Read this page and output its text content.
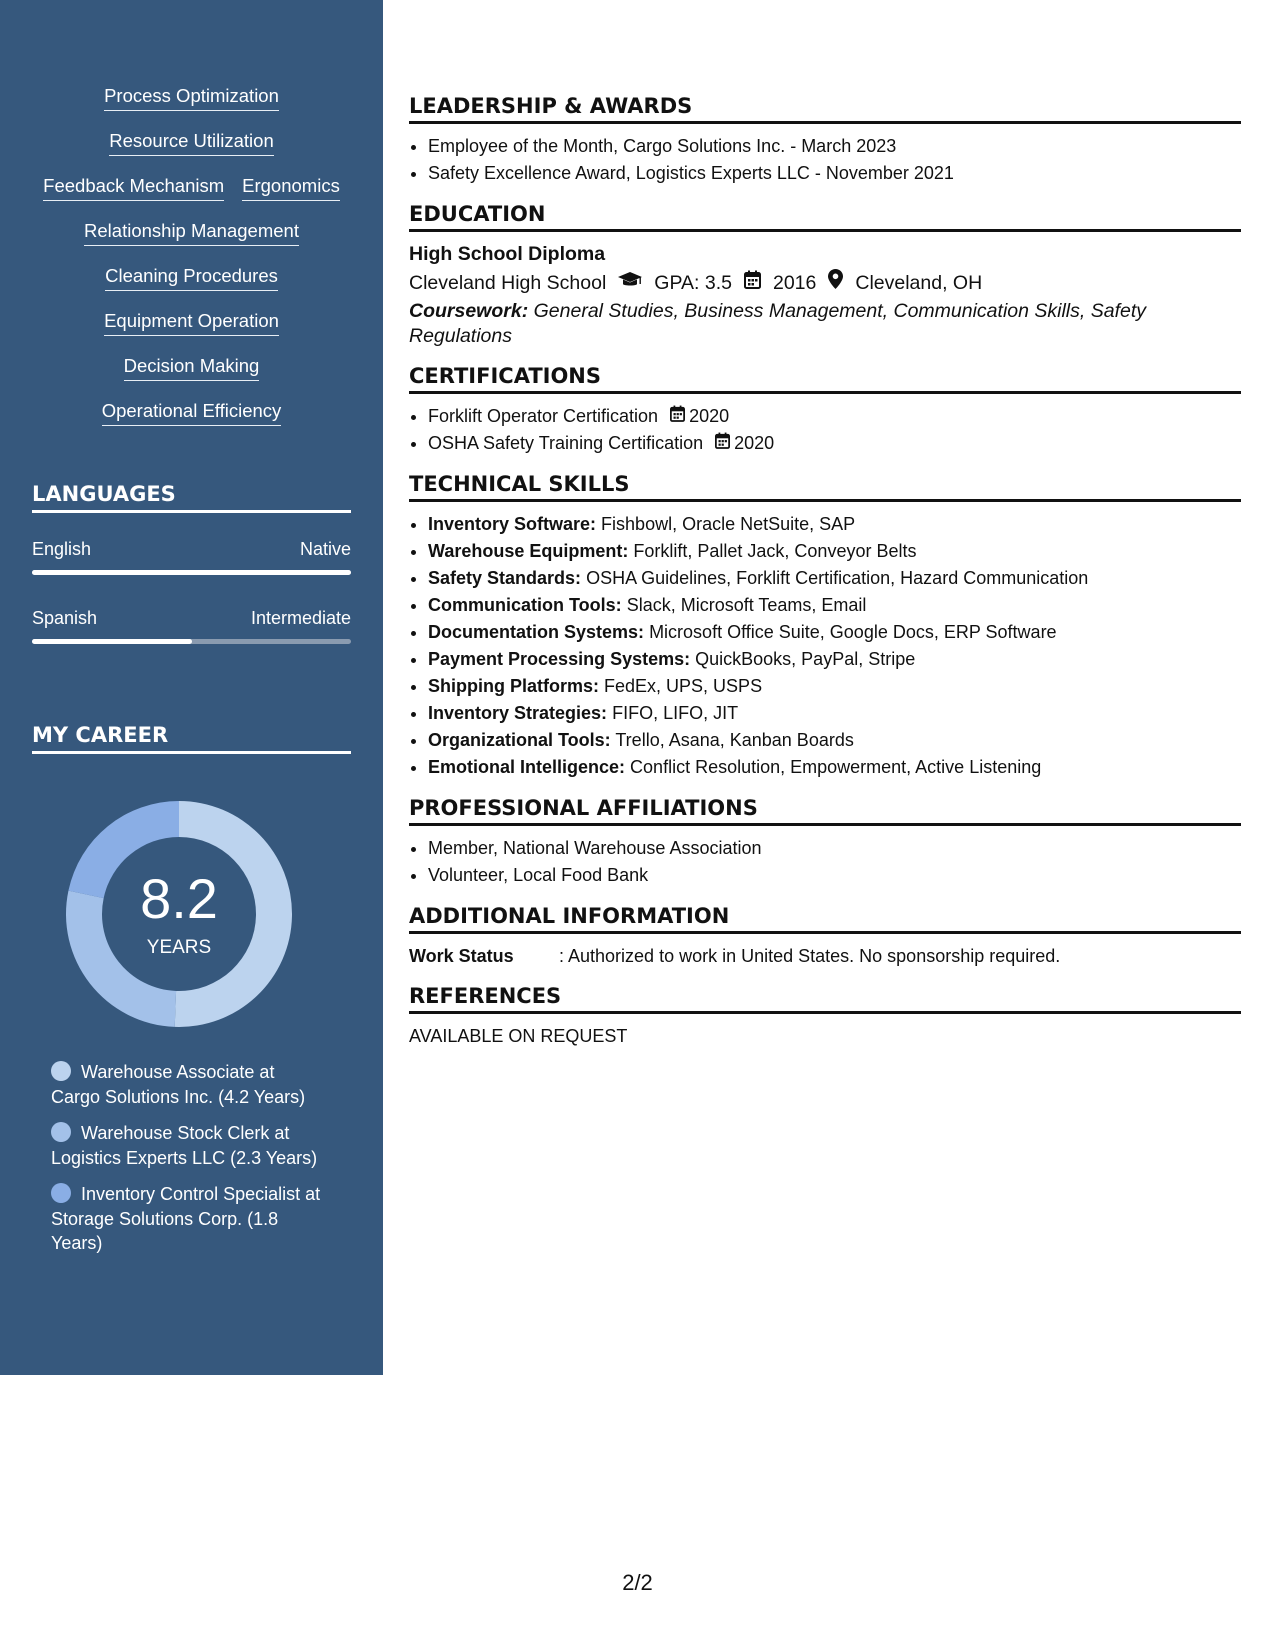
Process Optimization
Resource Utilization
Feedback Mechanism Ergonomics
Relationship Management
Cleaning Procedures
Equipment Operation
Decision Making
Operational Efficiency
LANGUAGES
English	Native
Spanish	Intermediate
MY CAREER
8.2
YEARS
Warehouse Associate at Cargo Solutions Inc. (4.2 Years)
Warehouse Stock Clerk at Logistics Experts LLC (2.3 Years)
Inventory Control Specialist at Storage Solutions Corp. (1.8 Years)
LEADERSHIP & AWARDS
• Employee of the Month, Cargo Solutions Inc. - March 2023
• Safety Excellence Award, Logistics Experts LLC - November 2021
EDUCATION
High School Diploma
Cleveland High School GPA: 3.5 2016 Cleveland, OH
Coursework: General Studies, Business Management, Communication Skills, Safety Regulations
CERTIFICATIONS
• Forklift Operator Certification 2020
• OSHA Safety Training Certification 2020
TECHNICAL SKILLS
• Inventory Software: Fishbowl, Oracle NetSuite, SAP
• Warehouse Equipment: Forklift, Pallet Jack, Conveyor Belts
• Safety Standards: OSHA Guidelines, Forklift Certification, Hazard Communication
• Communication Tools: Slack, Microsoft Teams, Email
• Documentation Systems: Microsoft Office Suite, Google Docs, ERP Software
• Payment Processing Systems: QuickBooks, PayPal, Stripe
• Shipping Platforms: FedEx, UPS, USPS
• Inventory Strategies: FIFO, LIFO, JIT
• Organizational Tools: Trello, Asana, Kanban Boards
• Emotional Intelligence: Conflict Resolution, Empowerment, Active Listening
PROFESSIONAL AFFILIATIONS
• Member, National Warehouse Association
• Volunteer, Local Food Bank
ADDITIONAL INFORMATION
Work Status	: Authorized to work in United States. No sponsorship required.
REFERENCES
AVAILABLE ON REQUEST
2/2
